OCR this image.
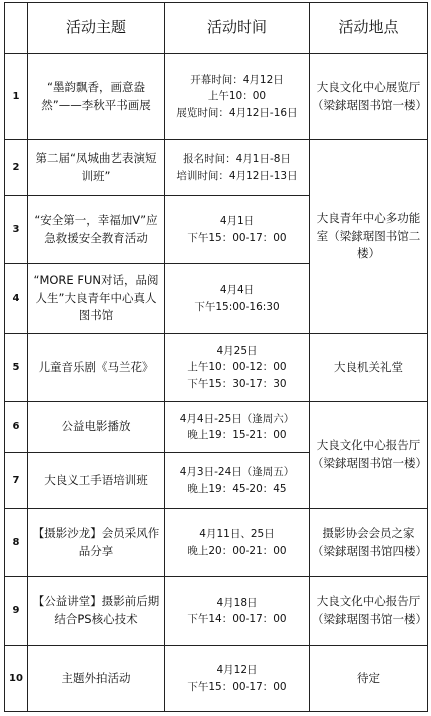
	活动主题	活动时间	活动地点
1	“墨韵飘香，画意盎然”——李秋平书画展	开幕时间：4月12日
上午10：00
展览时间：4月12日-16日	大良文化中心展览厅（梁銶琚图书馆一楼）
2	第二届“凤城曲艺表演短训班”	报名时间：4月1日-8日
培训时间：4月12日-13日	大良青年中心多功能室（梁銶琚图书馆二楼）
3	“安全第一，幸福加V”应急救援安全教育活动	4月1日
下午15：00-17：00	

4	“MORE FUN对话，品阅人生”大良青年中心真人图书馆	4月4日
下午15:00-16:30	

5	儿童音乐剧《马兰花》	4月25日
上午10：00-12：00
下午15：30-17：30	大良机关礼堂
6	公益电影播放	4月4日-25日（逢周六）
晚上19：15-21：00	大良文化中心报告厅（梁銶琚图书馆一楼）
7	大良义工手语培训班	4月3日-24日（逢周五）
晚上19：45-20：45	

8	【摄影沙龙】会员采风作品分享	4月11日、25日
晚上20：00-21：00	摄影协会会员之家（梁銶琚图书馆四楼）
9	【公益讲堂】摄影前后期结合PS核心技术	4月18日
下午14：00-17：00	大良文化中心报告厅（梁銶琚图书馆一楼）
10	主题外拍活动	4月12日
下午15：00-17：00	待定
